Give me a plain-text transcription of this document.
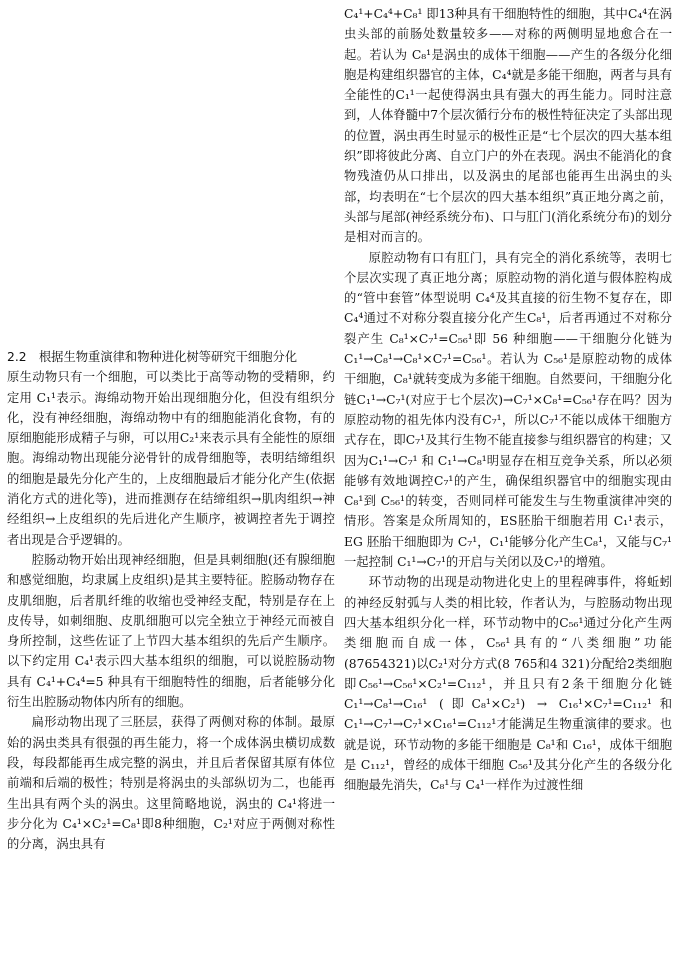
2.2　根据生物重演律和物种进化树等研究干细胞分化

原生动物只有一个细胞，可以类比于高等动物的受精卵，约定用 C₁¹表示。海绵动物开始出现细胞分化，但没有组织分化，没有神经细胞，海绵动物中有的细胞能消化食物，有的原细胞能形成精子与卵，可以用C₂¹来表示具有全能性的原细胞。海绵动物出现能分泌骨针的成骨细胞等，表明结缔组织的细胞是最先分化产生的，上皮细胞最后才能分化产生(依据消化方式的进化等)，进而推测存在结缔组织→肌肉组织→神经组织→上皮组织的先后进化产生顺序，被调控者先于调控者出现是合乎逻辑的。

腔肠动物开始出现神经细胞，但是具刺细胞(还有腺细胞和感觉细胞，均隶属上皮组织)是其主要特征。腔肠动物存在皮肌细胞，后者肌纤维的收缩也受神经支配，特别是存在上皮传导，如刺细胞、皮肌细胞可以完全独立于神经元而被自身所控制，这些佐证了上节四大基本组织的先后产生顺序。以下约定用 C₄¹表示四大基本组织的细胞，可以说腔肠动物具有 C₄¹+C₄⁴=5 种具有干细胞特性的细胞，后者能够分化衍生出腔肠动物体内所有的细胞。

扁形动物出现了三胚层，获得了两侧对称的体制。最原始的涡虫类具有很强的再生能力，将一个成体涡虫横切成数段，每段都能再生成完整的涡虫，并且后者保留其原有体位前端和后端的极性；特别是将涡虫的头部纵切为二，也能再生出具有两个头的涡虫。这里简略地说，涡虫的 C₄¹将进一步分化为 C₄¹×C₂¹=C₈¹即8种细胞，C₂¹对应于两侧对称性的分离，涡虫具有

C₄¹+C₄⁴+C₈¹ 即13种具有干细胞特性的细胞，其中C₄⁴在涡虫头部的前肠处数量较多——对称的两侧明显地愈合在一起。若认为 C₈¹是涡虫的成体干细胞——产生的各级分化细胞是构建组织器官的主体，C₄⁴就是多能干细胞，两者与具有全能性的C₁¹一起使得涡虫具有强大的再生能力。同时注意到，人体脊髓中7个层次循行分布的极性特征决定了头部出现的位置，涡虫再生时显示的极性正是“七个层次的四大基本组织”即将彼此分离、自立门户的外在表现。涡虫不能消化的食物残渣仍从口排出，以及涡虫的尾部也能再生出涡虫的头部，均表明在“七个层次的四大基本组织”真正地分离之前，头部与尾部(神经系统分布)、口与肛门(消化系统分布)的划分是相对而言的。

原腔动物有口有肛门，具有完全的消化系统等，表明七个层次实现了真正地分离；原腔动物的消化道与假体腔构成的“管中套管”体型说明 C₄⁴及其直接的衍生物不复存在，即 C₄⁴通过不对称分裂直接分化产生C₈¹，后者再通过不对称分裂产生 C₈¹×C₇¹=C₅₆¹即 56 种细胞——干细胞分化链为 C₁¹→C₈¹→C₈¹×C₇¹=C₅₆¹。若认为 C₅₆¹是原腔动物的成体干细胞，C₈¹就转变成为多能干细胞。自然要问，干细胞分化链C₁¹→C₇¹(对应于七个层次)→C₇¹×C₈¹=C₅₆¹存在吗？因为原腔动物的祖先体内没有C₇¹，所以C₇¹不能以成体干细胞方式存在，即C₇¹及其行生物不能直接参与组织器官的构建；又因为C₁¹→C₇¹ 和 C₁¹→C₈¹明显存在相互竞争关系，所以必须能够有效地调控C₇¹的产生，确保组织器官中的细胞实现由 C₈¹到 C₅₆¹的转变，否则同样可能发生与生物重演律冲突的情形。答案是众所周知的，ES胚胎干细胞若用 C₁¹表示，EG 胚胎干细胞即为 C₇¹，C₁¹能够分化产生C₈¹，又能与C₇¹一起控制 C₁¹→C₇¹的开启与关闭以及C₇¹的增殖。

环节动物的出现是动物进化史上的里程碑事件，将蚯蚓的神经反射弧与人类的相比较，作者认为，与腔肠动物出现四大基本组织分化一样，环节动物中的C₅₆¹通过分化产生两类细胞而自成一体，C₅₆¹具有的“八类细胞”功能(87654321)以C₂¹对分方式(8 765和4 321)分配给2类细胞即C₅₆¹→C₅₆¹×C₂¹=C₁₁₂¹，并且只有2条干细胞分化链C₁¹→C₈¹→C₁₆¹ (即C₈¹×C₂¹) → C₁₆¹×C₇¹=C₁₁₂¹和C₁¹→C₇¹→C₇¹×C₁₆¹=C₁₁₂¹才能满足生物重演律的要求。也就是说，环节动物的多能干细胞是 C₈¹和 C₁₆¹，成体干细胞是 C₁₁₂¹，曾经的成体干细胞 C₅₆¹及其分化产生的各级分化细胞最先消失，C₈¹与 C₄¹一样作为过渡性细
